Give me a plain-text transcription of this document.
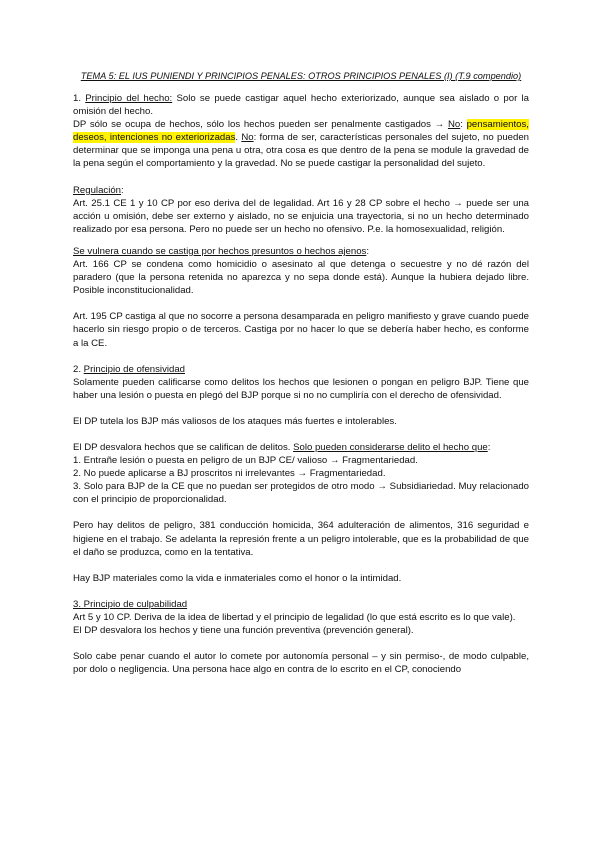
TEMA 5: EL IUS PUNIENDI Y PRINCIPIOS PENALES: OTROS PRINCIPIOS PENALES (I) (T.9 compendio)

1. Principio del hecho: Solo se puede castigar aquel hecho exteriorizado, aunque sea aislado o por la omisión del hecho.

DP sólo se ocupa de hechos, sólo los hechos pueden ser penalmente castigados → No: pensamientos, deseos, intenciones no exteriorizadas. No: forma de ser, características personales del sujeto, no pueden determinar que se imponga una pena u otra, otra cosa es que dentro de la pena se module la gravedad de la pena según el comportamiento y la gravedad. No se puede castigar la personalidad del sujeto.

Regulación:

Art. 25.1 CE 1 y 10 CP por eso deriva del de legalidad. Art 16 y 28 CP sobre el hecho → puede ser una acción u omisión, debe ser externo y aislado, no se enjuicia una trayectoria, si no un hecho determinado realizado por esa persona. Pero no puede ser un hecho no ofensivo. P.e. la homosexualidad, religión.

Se vulnera cuando se castiga por hechos presuntos o hechos ajenos:

Art. 166 CP se condena como homicidio o asesinato al que detenga o secuestre y no dé razón del paradero (que la persona retenida no aparezca y no sepa donde está). Aunque la hubiera dejado libre. Posible inconstitucionalidad.

Art. 195 CP castiga al que no socorre a persona desamparada en peligro manifiesto y grave cuando puede hacerlo sin riesgo propio o de terceros. Castiga por no hacer lo que se debería haber hecho, es conforme a la CE.

2. Principio de ofensividad

Solamente pueden calificarse como delitos los hechos que lesionen o pongan en peligro BJP. Tiene que haber una lesión o puesta en plegó del BJP porque si no no cumpliría con el derecho de ofensividad.

El DP tutela los BJP más valiosos de los ataques más fuertes e intolerables.

El DP desvalora hechos que se califican de delitos. Solo pueden considerarse delito el hecho que:

1. Entrañe lesión o puesta en peligro de un BJP CE/ valioso → Fragmentariedad.

2. No puede aplicarse a BJ proscritos ni irrelevantes → Fragmentariedad.

3. Solo para BJP de la CE que no puedan ser protegidos de otro modo → Subsidiariedad. Muy relacionado con el principio de proporcionalidad.

Pero hay delitos de peligro, 381 conducción homicida, 364 adulteración de alimentos, 316 seguridad e higiene en el trabajo. Se adelanta la represión frente a un peligro intolerable, que es la probabilidad de que el daño se produzca, como en la tentativa.

Hay BJP materiales como la vida e inmateriales como el honor o la intimidad.

3. Principio de culpabilidad

Art 5 y 10 CP. Deriva de la idea de libertad y el principio de legalidad (lo que está escrito es lo que vale).

El DP desvalora los hechos y tiene una función preventiva (prevención general).

Solo cabe penar cuando el autor lo comete por autonomía personal – y sin permiso-, de modo culpable, por dolo o negligencia. Una persona hace algo en contra de lo escrito en el CP, conociendo
